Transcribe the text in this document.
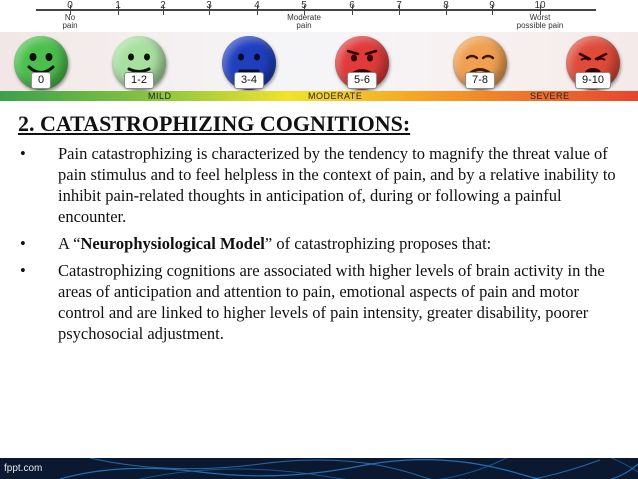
0	1	2	3	4	5	6	7	8	9	10
No
pain
Moderate
pain
Worst
possible pain
0	1-2	3-4	5-6	7-8	9-10
MILD	MODERATE	SEVERE
2. CATASTROPHIZING COGNITIONS:
• Pain catastrophizing is characterized by the tendency to magnify the threat value of pain stimulus and to feel helpless in the context of pain, and by a relative inability to inhibit pain-related thoughts in anticipation of, during or following a painful encounter.
• A “Neurophysiological Model” of catastrophizing proposes that:
• Catastrophizing cognitions are associated with higher levels of brain activity in the areas of anticipation and attention to pain, emotional aspects of pain and motor control and are linked to higher levels of pain intensity, greater disability, poorer psychosocial adjustment.
fppt.com
